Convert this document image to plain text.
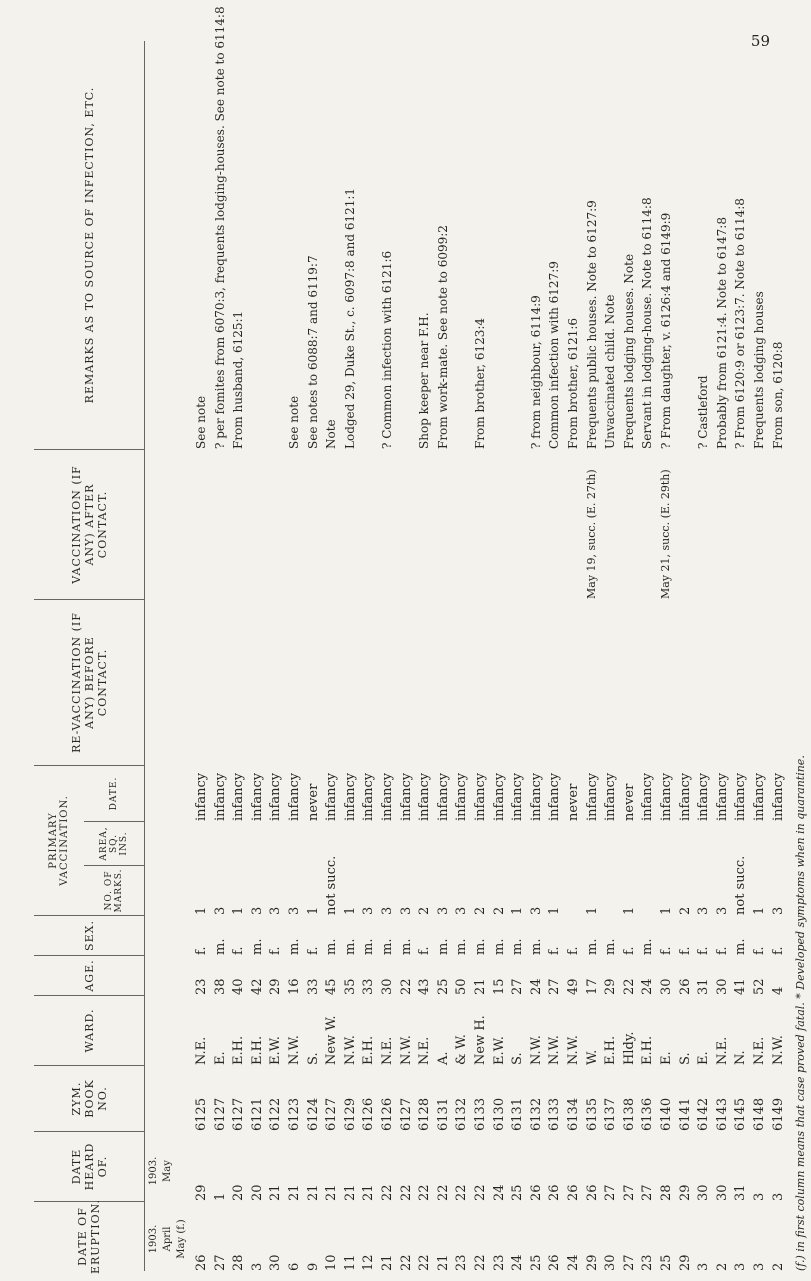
59
DATE OF ERUPTION.
DATE HEARD OF.
ZYM. BOOK NO.
WARD.
AGE.
SEX.
PRIMARY VACCINATION.
NO. OF MARKS.
AREA, SQ. INS.
DATE.
RE-VACCINATION (IF ANY) BEFORE CONTACT.
VACCINATION (IF ANY) AFTER CONTACT.
REMARKS AS TO SOURCE OF INFECTION, ETC.
1903. April May (f.)
1903. May
26
29
6125
N.E.
23
f.
1
infancy
See note
27
1
6127
E.
38
m.
3
infancy
? per fomites from 6070:3, frequents lodging-houses. See note to 6114:8
28
20
6127
E.H.
40
f.
1
infancy
From husband, 6125:1
3
20
6121
E.H.
42
m.
3
infancy
30
21
6122
E.W.
29
f.
3
infancy
6
21
6123
N.W.
16
m.
3
infancy
See note
9
21
6124
S.
33
f.
1
never
See notes to 6088:7 and 6119:7
10
21
6127
New W.
45
m.
not succ.
infancy
Note
11
21
6129
N.W.
35
m.
1
infancy
Lodged 29, Duke St., c. 6097:8 and 6121:1
12
21
6126
E.H.
33
m.
3
infancy
21
22
6126
N.E.
30
m.
3
infancy
? Common infection with 6121:6
22
22
6127
N.W.
22
m.
3
infancy
22
22
6128
N.E.
43
f.
2
infancy
Shop keeper near F.H.
21
22
6131
A.
25
m.
3
infancy
From work-mate. See note to 6099:2
23
22
6132
& W.
50
m.
3
infancy
22
22
6133
New H.
21
m.
2
infancy
From brother, 6123:4
23
24
6130
E.W.
15
m.
2
infancy
24
25
6131
S.
27
m.
1
infancy
25
26
6132
N.W.
24
m.
3
infancy
? from neighbour, 6114:9
26
26
6133
N.W.
27
f.
1
infancy
Common infection with 6127:9
24
26
6134
N.W.
49
f.
never
From brother, 6121:6
29
26
6135
W.
17
m.
1
infancy
May 19, succ. (E. 27th)
Frequents public houses. Note to 6127:9
30
27
6137
E.H.
29
m.
infancy
Unvaccinated child. Note
27
27
6138
Hldy.
22
f.
1
never
Frequents lodging houses. Note
23
27
6136
E.H.
24
m.
infancy
Servant in lodging-house. Note to 6114:8
25
28
6140
E.
30
f.
1
infancy
May 21, succ. (E. 29th)
? From daughter, v. 6126:4 and 6149:9
29
29
6141
S.
26
f.
2
infancy
3
30
6142
E.
31
f.
3
infancy
? Castleford
2
30
6143
N.E.
30
f.
3
infancy
Probably from 6121:4. Note to 6147:8
3
31
6145
N.
41
m.
not succ.
infancy
? From 6120:9 or 6123:7. Note to 6114:8
3
3
6148
N.E.
52
f.
1
infancy
Frequents lodging houses
2
3
6149
N.W.
4
f.
3
infancy
From son, 6120:8
(f.) in first column means that case proved fatal. * Developed symptoms when in quarantine.
